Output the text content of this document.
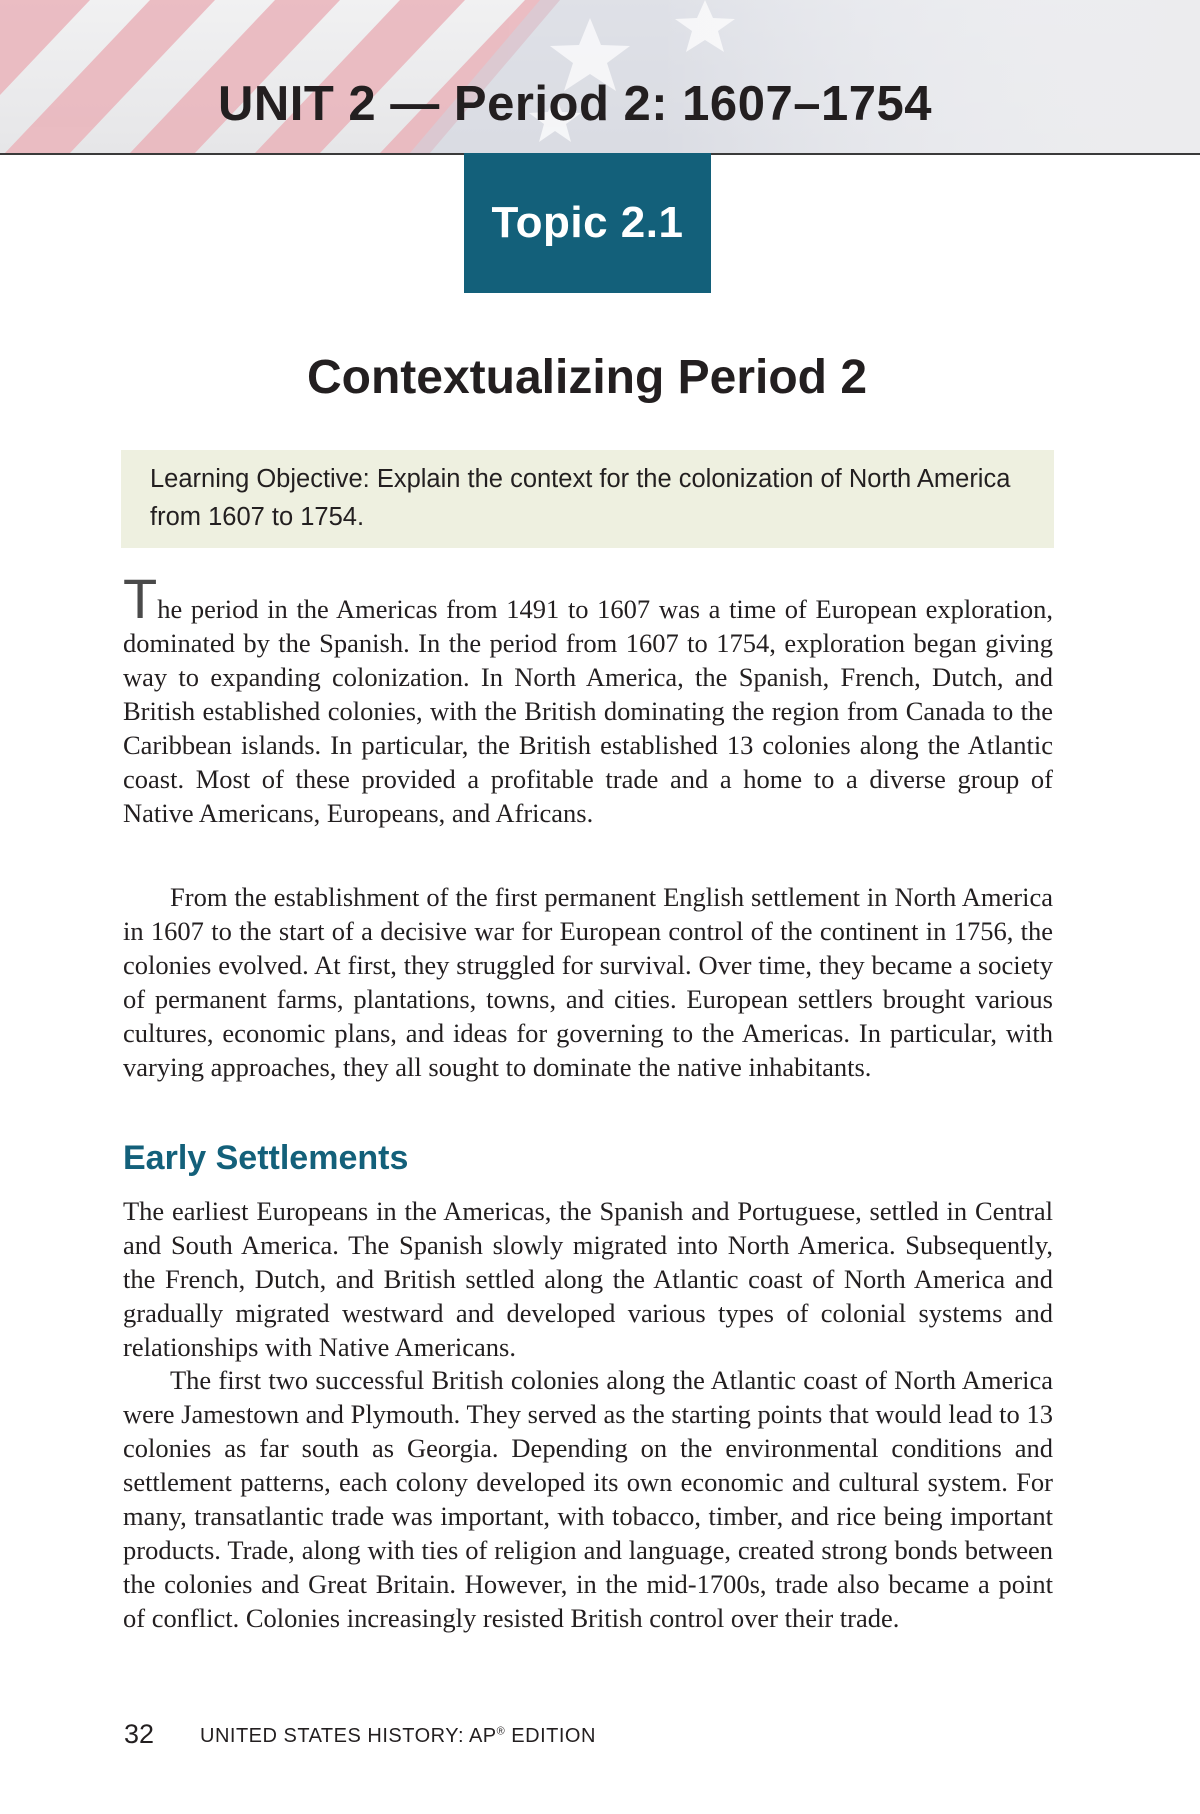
UNIT 2 — Period 2: 1607–1754
Topic 2.1
Contextualizing Period 2
Learning Objective: Explain the context for the colonization of North America from 1607 to 1754.

The period in the Americas from 1491 to 1607 was a time of European exploration, dominated by the Spanish. In the period from 1607 to 1754, exploration began giving way to expanding colonization. In North America, the Spanish, French, Dutch, and British established colonies, with the British dominating the region from Canada to the Caribbean islands. In particular, the British established 13 colonies along the Atlantic coast. Most of these provided a profitable trade and a home to a diverse group of Native Americans, Europeans, and Africans.

From the establishment of the first permanent English settlement in North America in 1607 to the start of a decisive war for European control of the continent in 1756, the colonies evolved. At first, they struggled for survival. Over time, they became a society of permanent farms, plantations, towns, and cities. European settlers brought various cultures, economic plans, and ideas for governing to the Americas. In particular, with varying approaches, they all sought to dominate the native inhabitants.

Early Settlements

The earliest Europeans in the Americas, the Spanish and Portuguese, settled in Central and South America. The Spanish slowly migrated into North America. Subsequently, the French, Dutch, and British settled along the Atlantic coast of North America and gradually migrated westward and developed various types of colonial systems and relationships with Native Americans.

The first two successful British colonies along the Atlantic coast of North America were Jamestown and Plymouth. They served as the starting points that would lead to 13 colonies as far south as Georgia. Depending on the environmental conditions and settlement patterns, each colony developed its own economic and cultural system. For many, transatlantic trade was important, with tobacco, timber, and rice being important products. Trade, along with ties of religion and language, created strong bonds between the colonies and Great Britain. However, in the mid-1700s, trade also became a point of conflict. Colonies increasingly resisted British control over their trade.

32 UNITED STATES HISTORY: AP® EDITION
